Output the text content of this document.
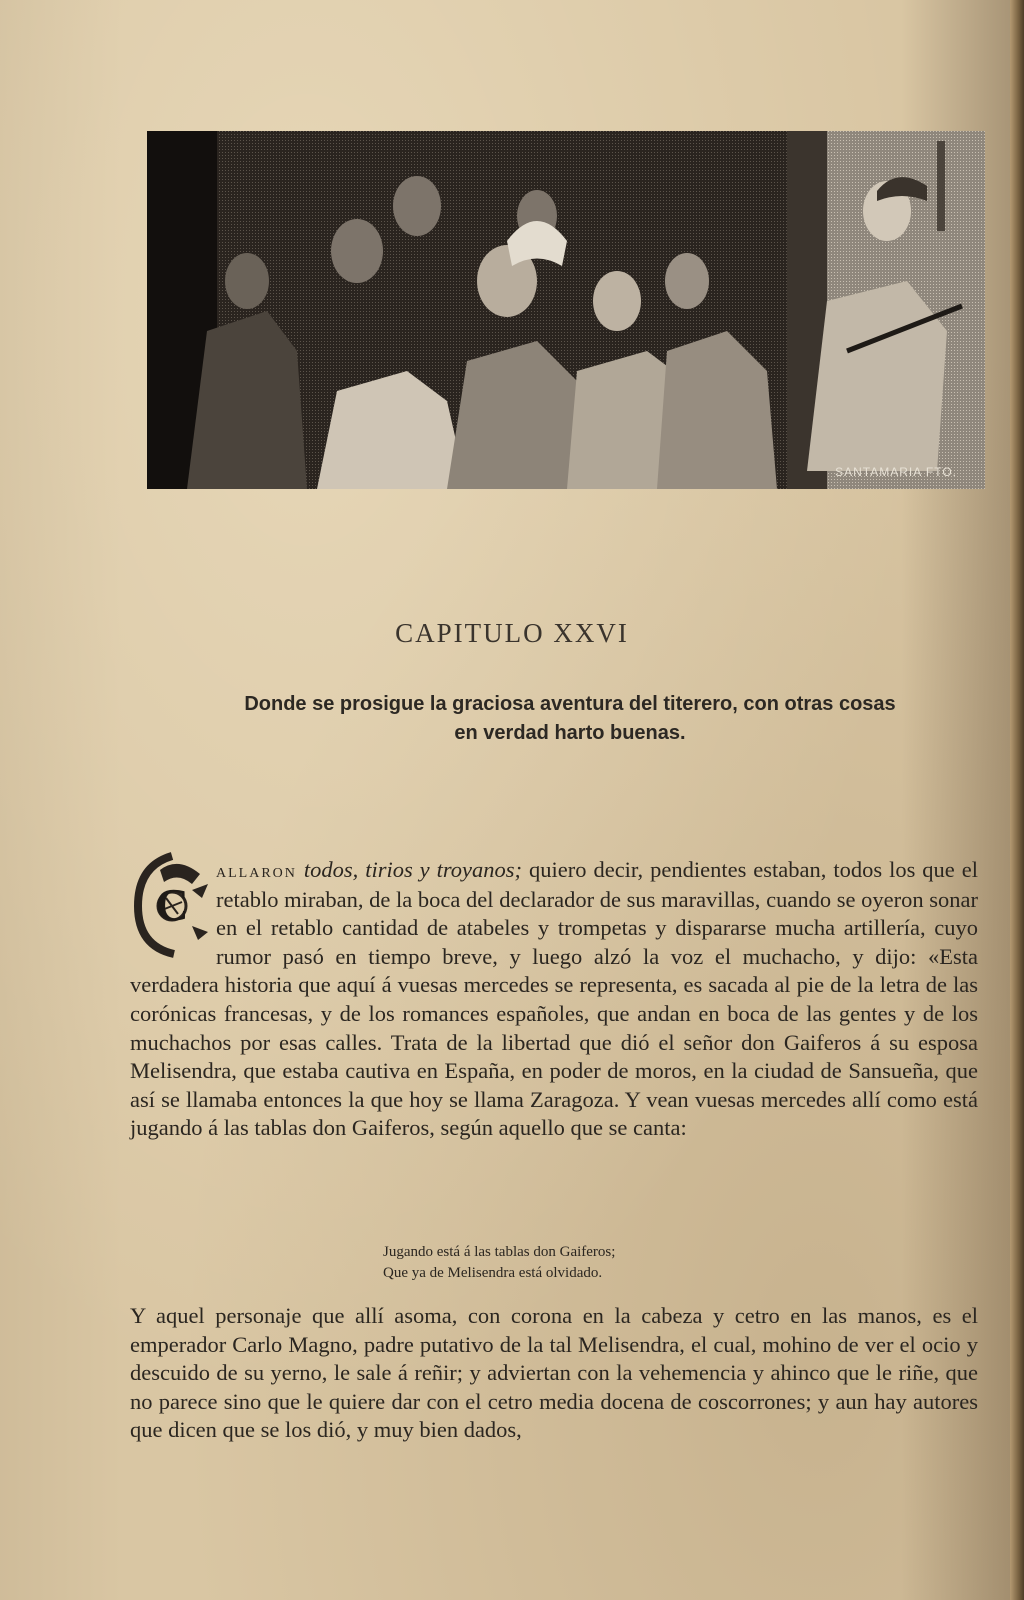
SANTAMARIA FTO.
CAPITULO XXVI
Donde se prosigue la graciosa aventura del titerero, con otras cosas
en verdad harto buenas.
C
allaron todos, tirios y troyanos; quiero decir, pendientes estaban, todos los que el retablo miraban, de la boca del declarador de sus maravillas, cuando se oyeron sonar en el retablo cantidad de atabeles y trompetas y dispararse mucha artillería, cuyo rumor pasó en tiempo breve, y luego alzó la voz el muchacho, y dijo: «Esta verdadera historia que aquí á vuesas mercedes se representa, es sacada al pie de la letra de las corónicas francesas, y de los romances españoles, que andan en boca de las gentes y de los muchachos por esas calles. Trata de la libertad que dió el señor don Gaiferos á su esposa Melisendra, que estaba cautiva en España, en poder de moros, en la ciudad de Sansueña, que así se llamaba entonces la que hoy se llama Zaragoza. Y vean vuesas mercedes allí como está jugando á las tablas don Gaiferos, según aquello que se canta:
Jugando está á las tablas don Gaiferos;
Que ya de Melisendra está olvidado.
Y aquel personaje que allí asoma, con corona en la cabeza y cetro en las manos, es el emperador Carlo Magno, padre putativo de la tal Melisendra, el cual, mohino de ver el ocio y descuido de su yerno, le sale á reñir; y adviertan con la vehemencia y ahinco que le riñe, que no parece sino que le quiere dar con el cetro media docena de coscorrones; y aun hay autores que dicen que se los dió, y muy bien dados,
